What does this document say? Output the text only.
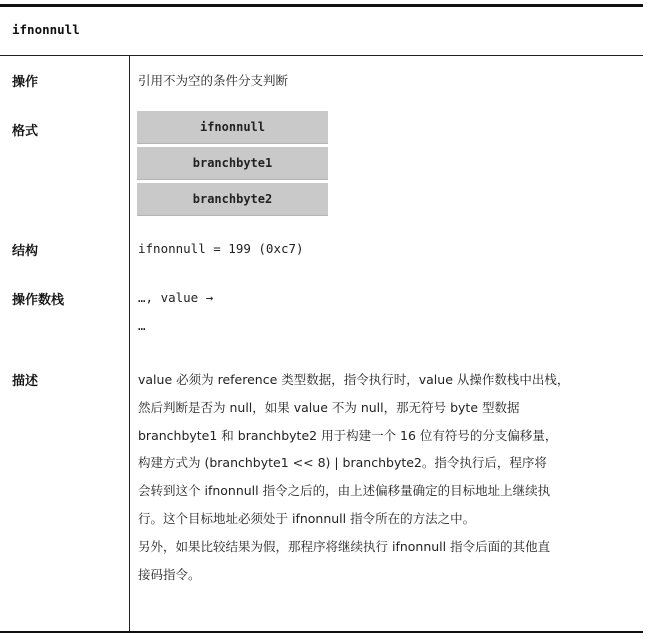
ifnonnull
操作	引用不为空的条件分支判断
格式	ifnonnull
branchbyte1
branchbyte2
结构	ifnonnull = 199 (0xc7)
操作数栈	…, value →
…
描述	value 必须为 reference 类型数据，指令执行时，value 从操作数栈中出栈，

然后判断是否为 null，如果 value 不为 null，那无符号 byte 型数据

branchbyte1 和 branchbyte2 用于构建一个 16 位有符号的分支偏移量，

构建方式为 (branchbyte1 << 8) | branchbyte2。指令执行后，程序将

会转到这个 ifnonnull 指令之后的，由上述偏移量确定的目标地址上继续执

行。这个目标地址必须处于 ifnonnull 指令所在的方法之中。

另外，如果比较结果为假，那程序将继续执行 ifnonnull 指令后面的其他直

接码指令。
